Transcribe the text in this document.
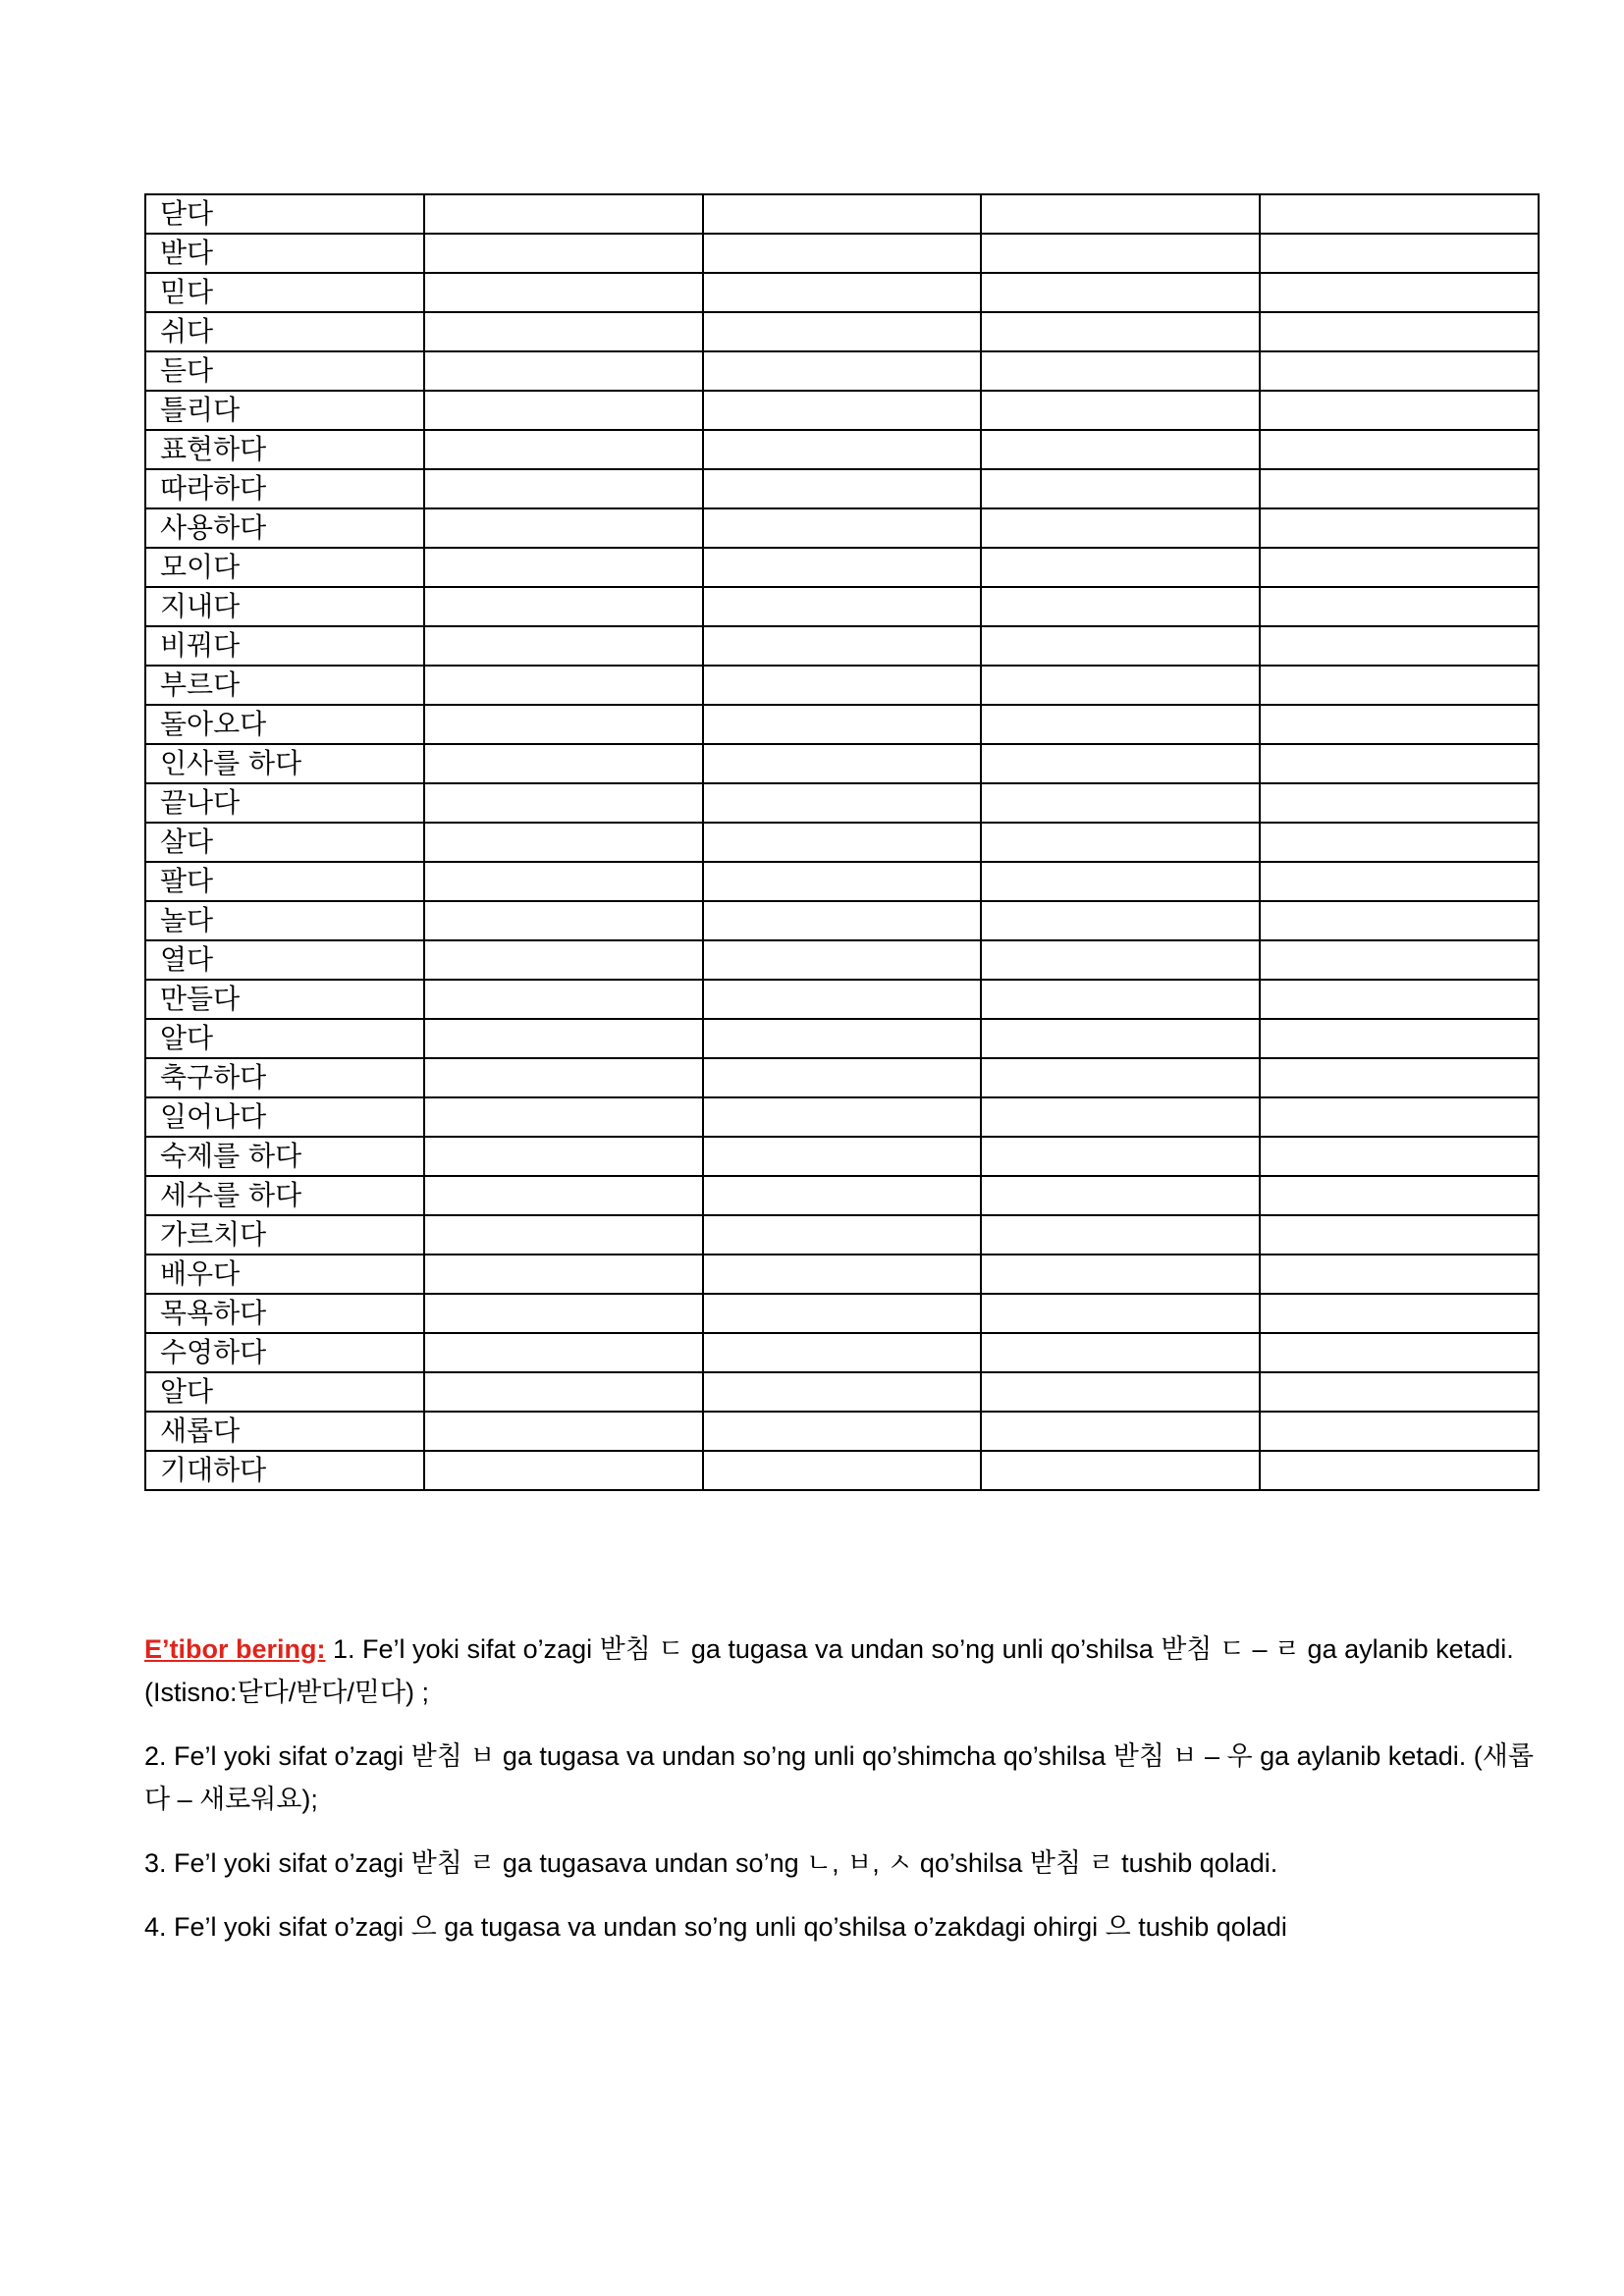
닫다				
받다				
믿다				
쉬다				
듣다				
틀리다				
표현하다				
따라하다				
사용하다				
모이다				
지내다				
비꿔다				
부르다				
돌아오다				
인사를 하다				
끝나다				
살다				
팔다				
놀다				
열다				
만들다				
알다				
축구하다				
일어나다				
숙제를 하다				
세수를 하다				
가르치다				
배우다				
목욕하다				
수영하다				
알다				
새롭다				
기대하다				
E’tibor bering: 1. Fe’l yoki sifat o’zagi 받침 ㄷ ga tugasa va undan so’ng unli qo’shilsa 받침 ㄷ – ㄹ ga aylanib ketadi. (Istisno:닫다/받다/믿다) ;
2. Fe’l yoki sifat o’zagi 받침 ㅂ ga tugasa va undan so’ng unli qo’shimcha qo’shilsa 받침 ㅂ – 우 ga aylanib ketadi. (새롭다 – 새로워요);
3. Fe’l yoki sifat o’zagi 받침 ㄹ ga tugasava undan so’ng ㄴ, ㅂ, ㅅ qo’shilsa 받침 ㄹ tushib qoladi.
4. Fe’l yoki sifat o’zagi 으 ga tugasa va undan so’ng unli qo’shilsa o’zakdagi ohirgi 으 tushib qoladi
